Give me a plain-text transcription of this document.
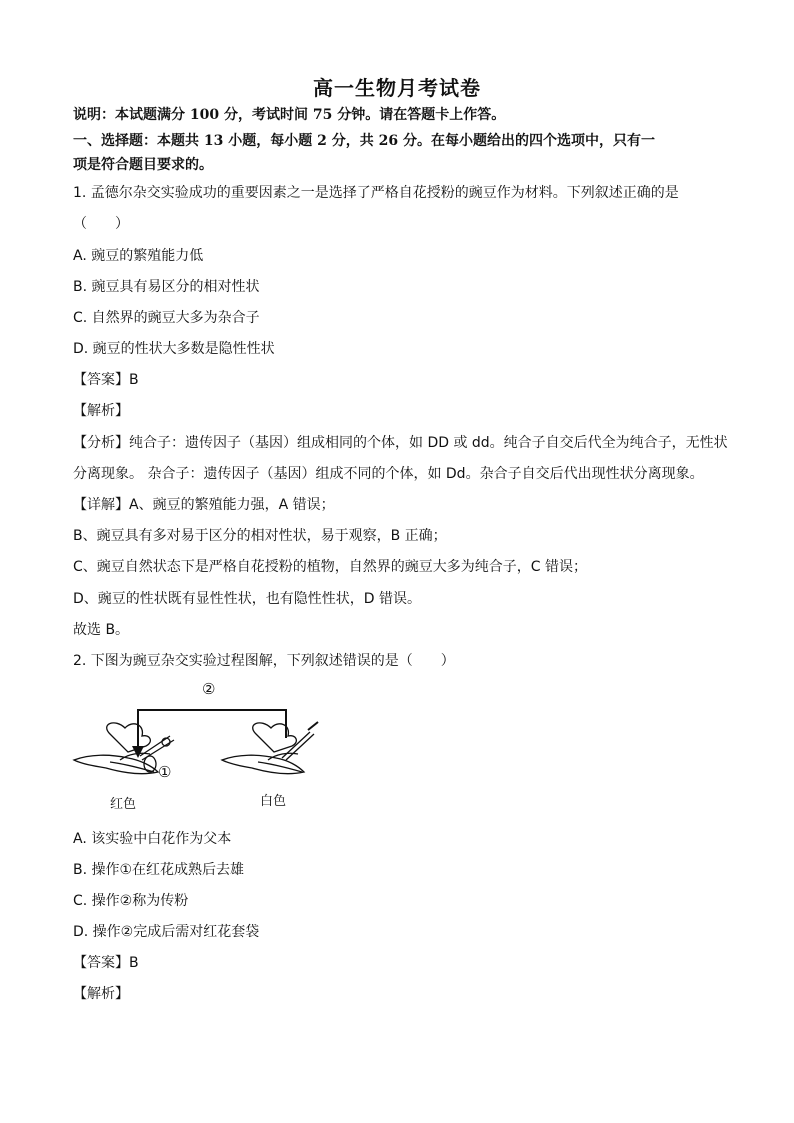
高一生物月考试卷
说明：本试题满分 100 分，考试时间 75 分钟。请在答题卡上作答。
一、选择题：本题共 13 小题，每小题 2 分，共 26 分。在每小题给出的四个选项中，只有一
项是符合题目要求的。
1. 孟德尔杂交实验成功的重要因素之一是选择了严格自花授粉的豌豆作为材料。下列叙述正确的是
（　　）
A. 豌豆的繁殖能力低
B. 豌豆具有易区分的相对性状
C. 自然界的豌豆大多为杂合子
D. 豌豆的性状大多数是隐性性状
【答案】B
【解析】
【分析】纯合子：遗传因子（基因）组成相同的个体，如 DD 或 dd。纯合子自交后代全为纯合子，无性状
分离现象。 杂合子：遗传因子（基因）组成不同的个体，如 Dd。杂合子自交后代出现性状分离现象。
【详解】A、豌豆的繁殖能力强，A 错误；
B、豌豆具有多对易于区分的相对性状，易于观察，B 正确；
C、豌豆自然状态下是严格自花授粉的植物，自然界的豌豆大多为纯合子，C 错误；
D、豌豆的性状既有显性性状，也有隐性性状，D 错误。
故选 B。
2. 下图为豌豆杂交实验过程图解，下列叙述错误的是（　　）
②
①
红色	白色
A. 该实验中白花作为父本
B. 操作①在红花成熟后去雄
C. 操作②称为传粉
D. 操作②完成后需对红花套袋
【答案】B
【解析】
